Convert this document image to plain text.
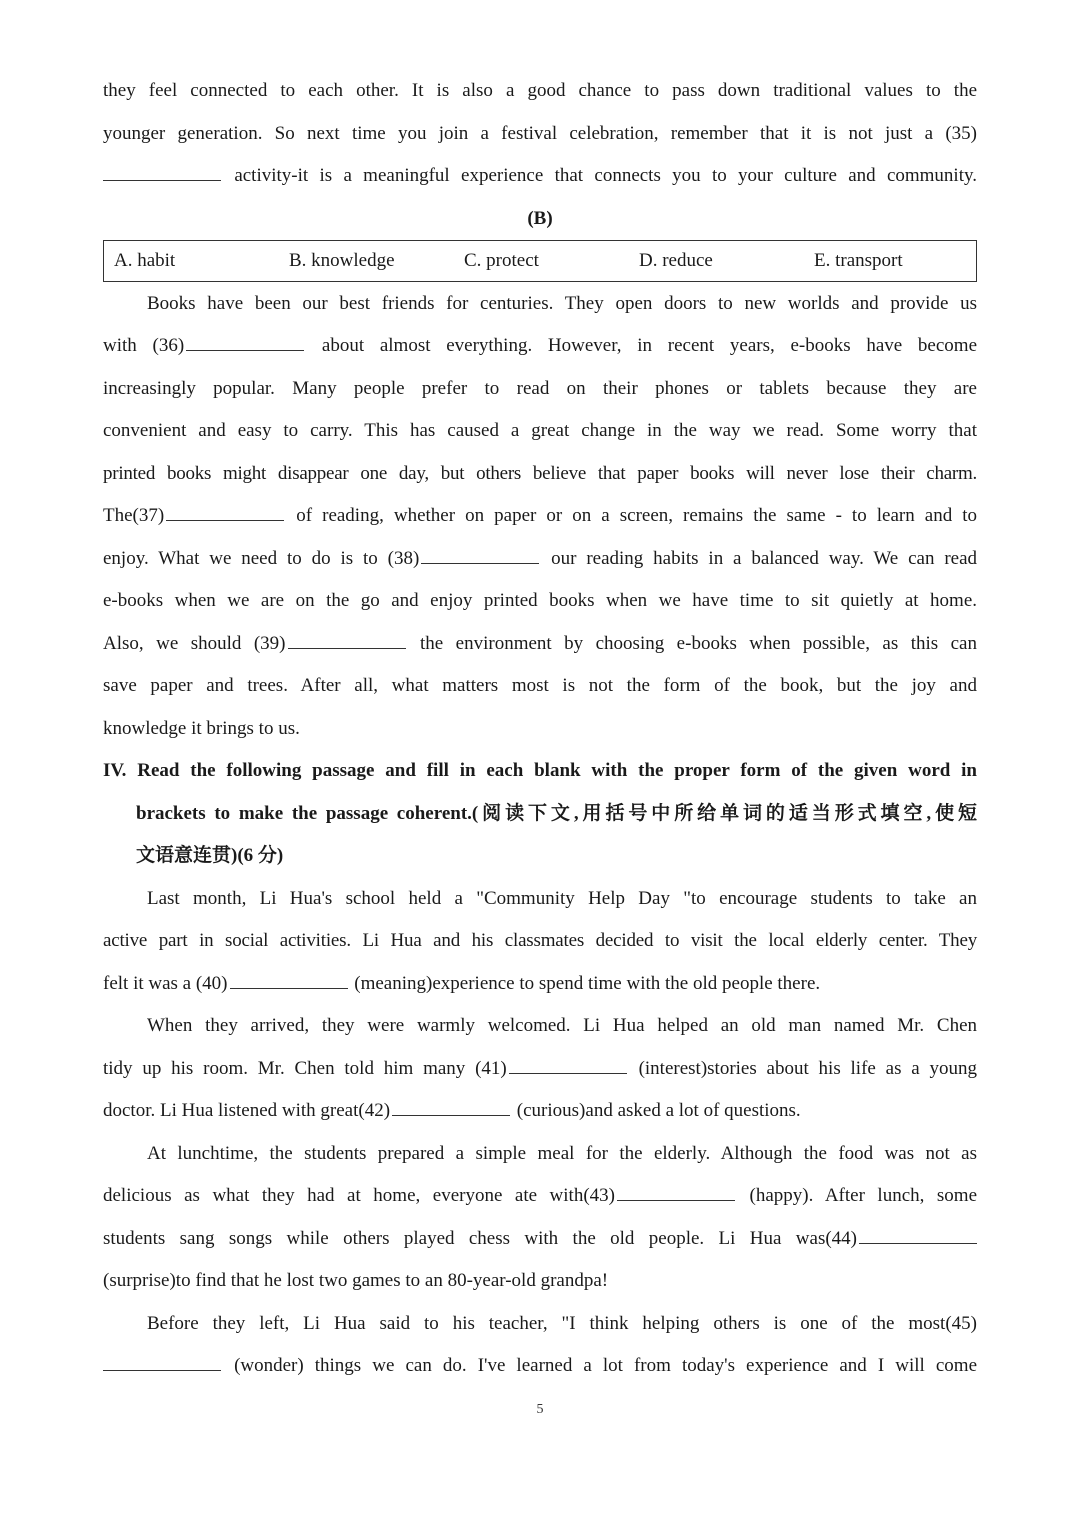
they feel connected to each other. It is also a good chance to pass down traditional values to the

younger generation. So next time you join a festival celebration, remember that it is not just a (35)

activity-it is a meaningful experience that connects you to your culture and community.

(B)
A. habit	B. knowledge	C. protect	D. reduce	E. transport

Books have been our best friends for centuries. They open doors to new worlds and provide us

with (36)	about almost everything. However, in recent years, e-books have become

increasingly popular. Many people prefer to read on their phones or tablets because they are

convenient and easy to carry. This has caused a great change in the way we read. Some worry that

printed books might disappear one day, but others believe that paper books will never lose their charm.

The(37)	of reading, whether on paper or on a screen, remains the same - to learn and to

enjoy. What we need to do is to (38)	our reading habits in a balanced way. We can read

e-books when we are on the go and enjoy printed books when we have time to sit quietly at home.

Also, we should (39)	the environment by choosing e-books when possible, as this can

save paper and trees. After all, what matters most is not the form of the book, but the joy and

knowledge it brings to us.

IV. Read the following passage and fill in each blank with the proper form of the given word in
brackets to make the passage coherent.(阅读下文,用括号中所给单词的适当形式填空,使短
文语意连贯)(6 分)

Last month, Li Hua's school held a "Community Help Day "to encourage students to take an

active part in social activities. Li Hua and his classmates decided to visit the local elderly center. They

felt it was a (40)	(meaning)experience to spend time with the old people there.

When they arrived, they were warmly welcomed. Li Hua helped an old man named Mr. Chen

tidy up his room. Mr. Chen told him many (41)	(interest)stories about his life as a young

doctor. Li Hua listened with great(42)	(curious)and asked a lot of questions.

At lunchtime, the students prepared a simple meal for the elderly. Although the food was not as

delicious as what they had at home, everyone ate with(43)	(happy). After lunch, some

students sang songs while others played chess with the old people. Li Hua was(44)

(surprise)to find that he lost two games to an 80-year-old grandpa!

Before they left, Li Hua said to his teacher, "I think helping others is one of the most(45)

(wonder) things we can do. I've learned a lot from today's experience and I will come

5
